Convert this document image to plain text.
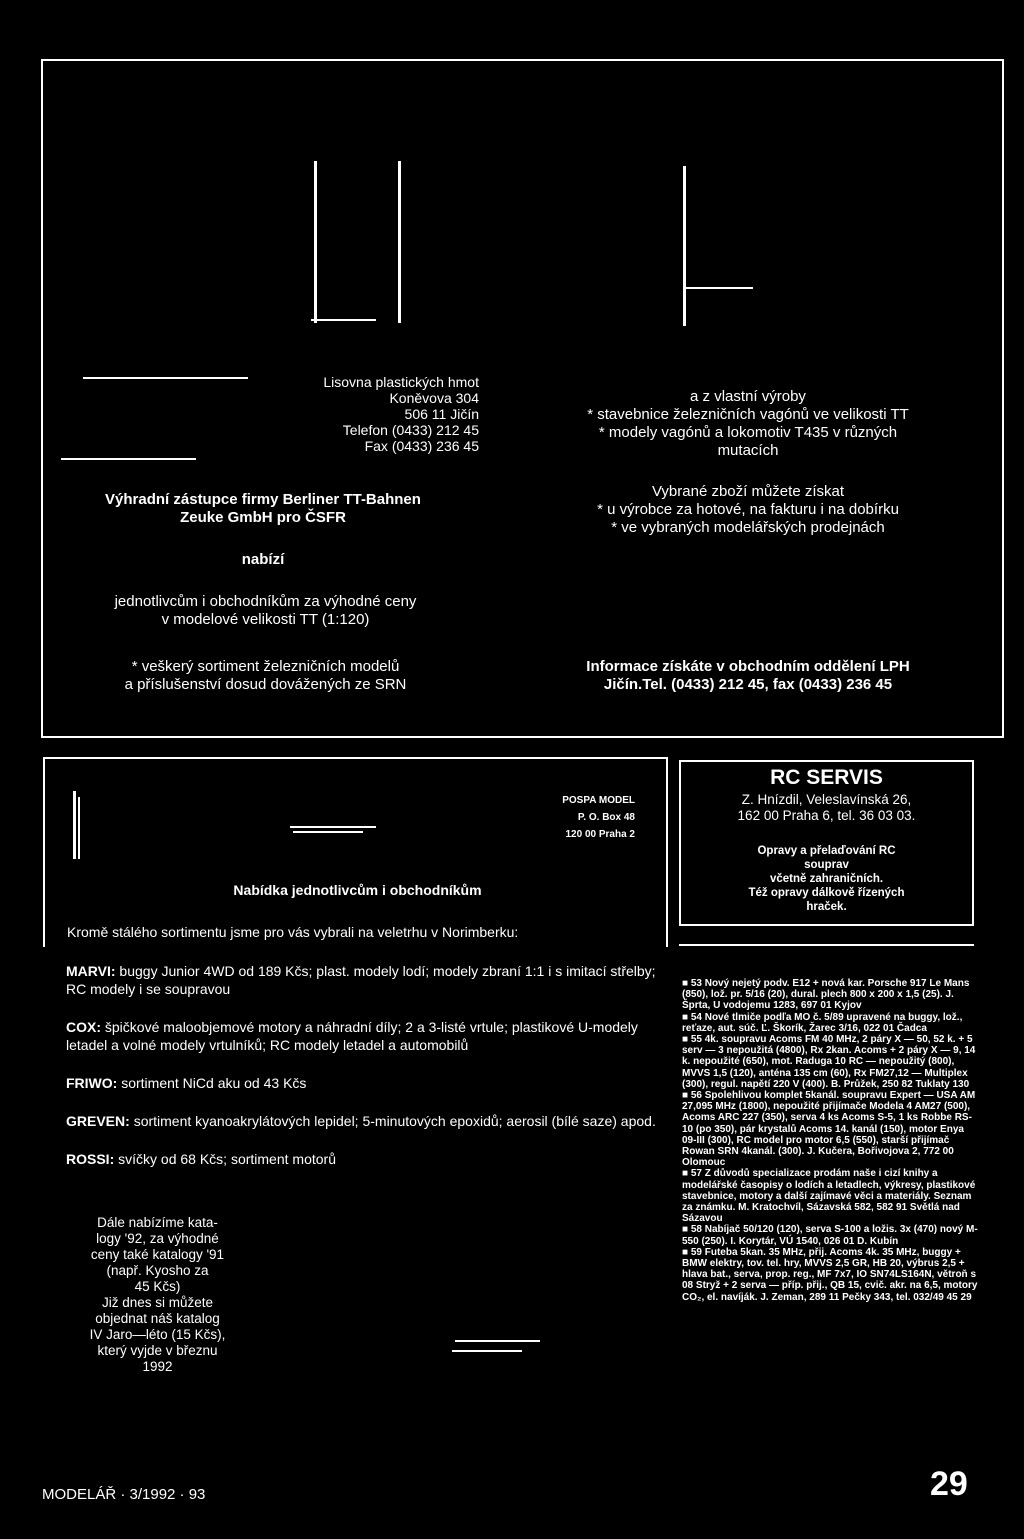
Lisovna plastických hmot
Koněvova 304
506 11 Jičín
Telefon (0433) 212 45
Fax (0433) 236 45
Výhradní zástupce firmy Berliner TT-Bahnen
Zeuke GmbH pro ČSFR
nabízí
jednotlivcům i obchodníkům za výhodné ceny
v modelové velikosti TT (1:120)
* veškerý sortiment železničních modelů
a příslušenství dosud dovážených ze SRN
a z vlastní výroby
* stavebnice železničních vagónů ve velikosti TT
* modely vagónů a lokomotiv T435 v různých
mutacích
Vybrané zboží můžete získat
* u výrobce za hotové, na fakturu i na dobírku
* ve vybraných modelářských prodejnách
Informace získáte v obchodním oddělení LPH
Jičín.Tel. (0433) 212 45, fax (0433) 236 45
POSPA MODEL
P. O. Box 48
120 00 Praha 2
Nabídka jednotlivcům i obchodníkům
Kromě stálého sortimentu jsme pro vás vybrali na veletrhu v Norimberku:
MARVI: buggy Junior 4WD od 189 Kčs; plast. modely lodí; modely zbraní 1:1 i s imitací střelby; RC modely i se soupravou
COX: špičkové maloobjemové motory a náhradní díly; 2 a 3-listé vrtule; plastikové U-modely letadel a volné modely vrtulníků; RC modely letadel a automobilů
FRIWO: sortiment NiCd aku od 43 Kčs
GREVEN: sortiment kyanoakrylátových lepidel; 5-minutových epoxidů; aerosil (bílé saze) apod.
ROSSI: svíčky od 68 Kčs; sortiment motorů
Dále nabízíme kata-
logy '92, za výhodné
ceny také katalogy '91
(např. Kyosho za
45 Kčs)
Již dnes si můžete
objednat náš katalog
IV Jaro—léto (15 Kčs),
který vyjde v březnu
1992
RC SERVIS
Z. Hnízdil, Veleslavínská 26,
162 00 Praha 6, tel. 36 03 03.
Opravy a přelaďování RC
souprav
včetně zahraničních.
Též opravy dálkově řízených
hraček.

■ 53 Nový nejetý podv. E12 + nová kar. Porsche 917 Le Mans (850), lož. pr. 5/16 (20), dural. plech 800 x 200 x 1,5 (25). J. Šprta, U vodojemu 1283, 697 01 Kyjov

■ 54 Nové tlmiče podľa MO č. 5/89 upravené na buggy, lož., reťaze, aut. súč. Ľ. Škorík, Žarec 3/16, 022 01 Čadca

■ 55 4k. soupravu Acoms FM 40 MHz, 2 páry X — 50, 52 k. + 5 serv — 3 nepoužitá (4800), Rx 2kan. Acoms + 2 páry X — 9, 14 k. nepoužité (650), mot. Raduga 10 RC — nepoužitý (800), MVVS 1,5 (120), anténa 135 cm (60), Rx FM27,12 — Multiplex (300), regul. napětí 220 V (400). B. Průžek, 250 82 Tuklaty 130

■ 56 Spolehlivou komplet 5kanál. soupravu Expert — USA AM 27,095 MHz (1800), nepoužité přijímače Modela 4 AM27 (500), Acoms ARC 227 (350), serva 4 ks Acoms S-5, 1 ks Robbe RS-10 (po 350), pár krystalů Acoms 14. kanál (150), motor Enya 09-III (300), RC model pro motor 6,5 (550), starší přijímač Rowan SRN 4kanál. (300). J. Kučera, Bořivojova 2, 772 00 Olomouc

■ 57 Z důvodů specializace prodám naše i cizí knihy a modelářské časopisy o lodích a letadlech, výkresy, plastikové stavebnice, motory a další zajímavé věci a materiály. Seznam za známku. M. Kratochvíl, Sázavská 582, 582 91 Světlá nad Sázavou

■ 58 Nabíjač 50/120 (120), serva S-100 a ložis. 3x (470) nový M-550 (250). I. Korytár, VÚ 1540, 026 01 D. Kubín

■ 59 Futeba 5kan. 35 MHz, přij. Acoms 4k. 35 MHz, buggy + BMW elektry, tov. tel. hry, MVVS 2,5 GR, HB 20, výbrus 2,5 + hlava bat., serva, prop. reg., MF 7x7, IO SN74LS164N, větroň s 08 Stryž + 2 serva — příp. přij., QB 15, cvič. akr. na 6,5, motory CO₂, el. navíják. J. Zeman, 289 11 Pečky 343, tel. 032/49 45 29

MODELÁŘ · 3/1992 · 93	29
